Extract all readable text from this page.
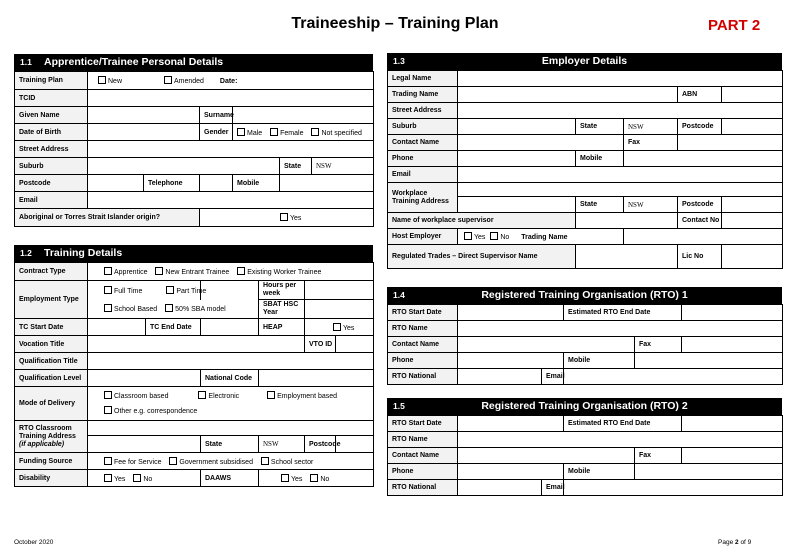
Traineeship – Training Plan	PART 2
1.1 Apprentice/Trainee Personal Details
Training Plan	New Amended Date:					
TCID						
Given Name			Surname			
Date of Birth			Gender	Male Female Not specified		
Street Address						
Suburb					State	NSW
Postcode		Telephone		Mobile		
Email						
Aboriginal or Torres Strait Islander origin?			Yes			
1.2 Training Details
Contract Type	Apprentice New Entrant Trainee Existing Worker Trainee					
Employment Type	Full Time Part Time			Hours per week		
	School Based 50% SBA model			SBAT HSC Year		
TC Start Date		TC End Date		HEAP	Yes	
Vocation Title					VTO ID	
Qualification Title						
Qualification Level			National Code			
Mode of Delivery	Classroom based Electronic Employment based
Other e.g. correspondence					
RTO Classroom Training Address
(if applicable)						
			State	NSW	Postcode	
Funding Source	Fee for Service Government subsidised School sector					
Disability	Yes No		DAAWS	Yes No		
1.3	Employer Details
Legal Name					
Trading Name				ABN	
Street Address					
Suburb		State	NSW	Postcode	
Contact Name			Fax		
Phone		Mobile			
Email					
Workplace Training Address					
		State	NSW	Postcode	
Name of workplace supervisor				Contact No	
Host Employer	Yes No Trading Name				
Regulated Trades – Direct Supervisor Name				Lic No	
1.4	Registered Training Organisation (RTO) 1
RTO Start Date			Estimated RTO End Date		
RTO Name					
Contact Name				Fax	
Phone			Mobile		
RTO National		Email			
1.5	Registered Training Organisation (RTO) 2
RTO Start Date			Estimated RTO End Date		
RTO Name					
Contact Name				Fax	
Phone			Mobile		
RTO National		Email			
October 2020	Page 2 of 9
